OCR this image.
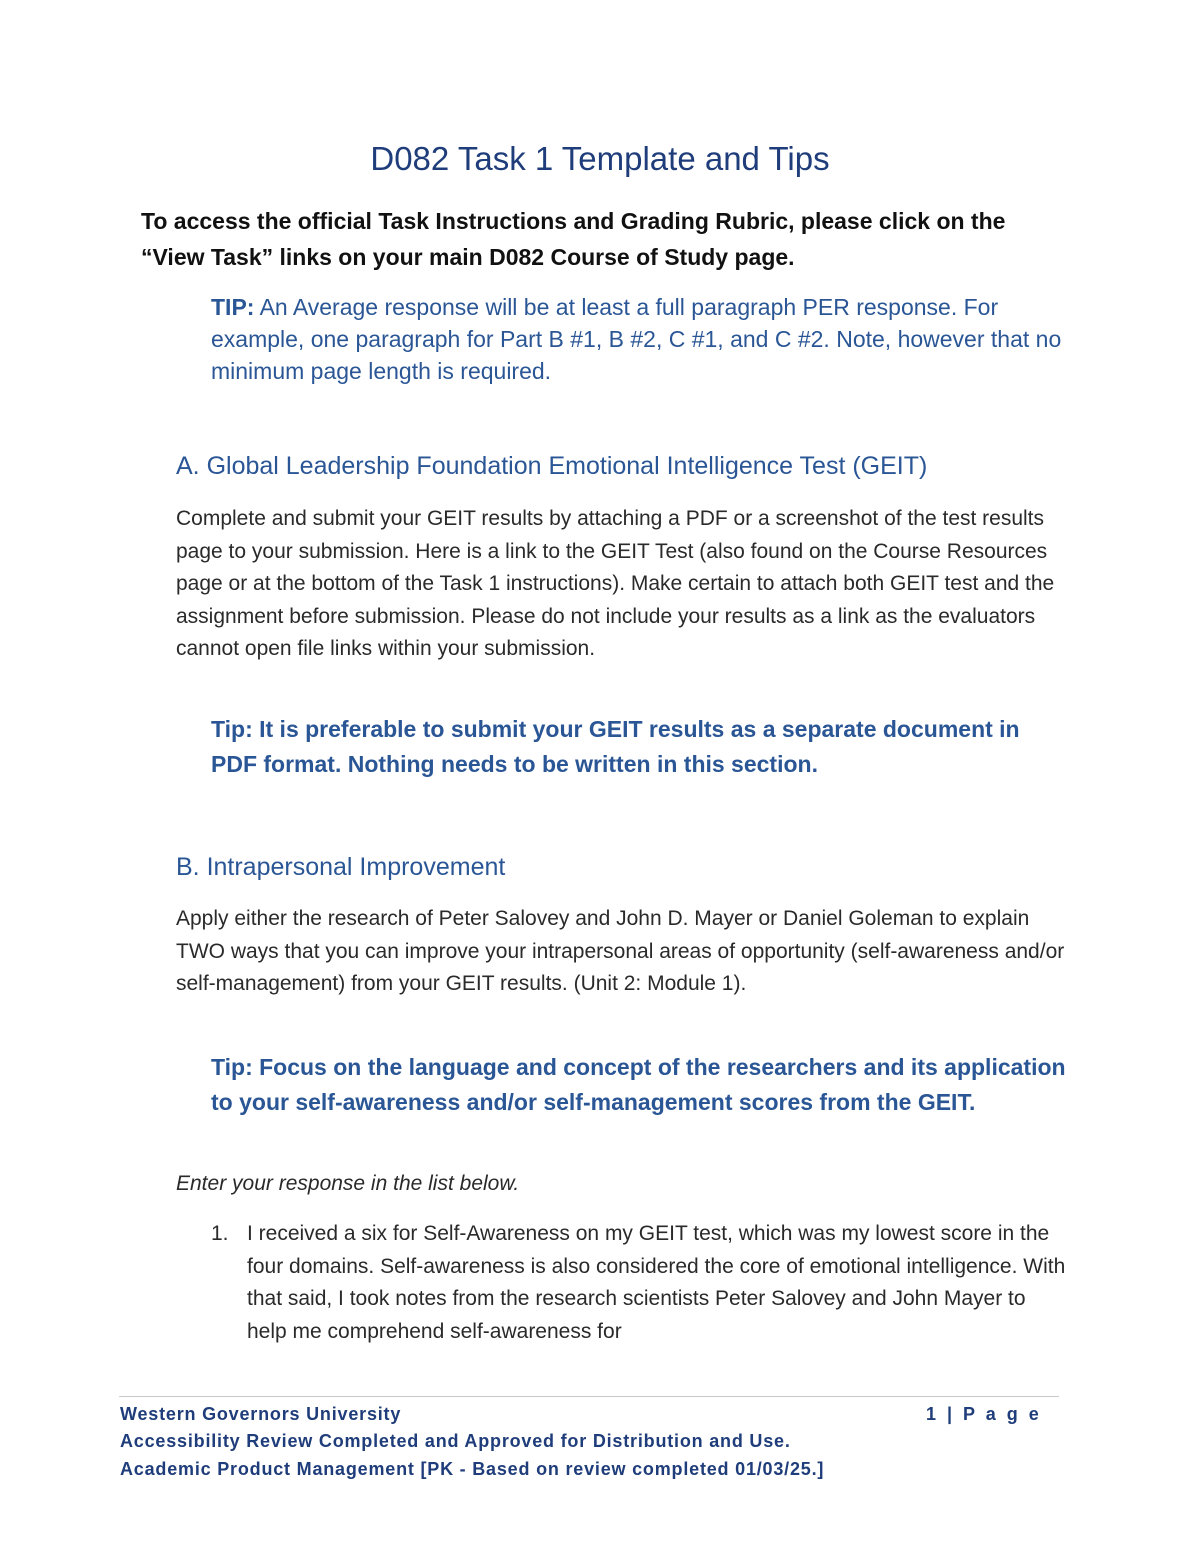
D082 Task 1 Template and Tips

To access the official Task Instructions and Grading Rubric, please click on the “View Task” links on your main D082 Course of Study page.

TIP: An Average response will be at least a full paragraph PER response. For example, one paragraph for Part B #1, B #2, C #1, and C #2. Note, however that no minimum page length is required.

A. Global Leadership Foundation Emotional Intelligence Test (GEIT)

Complete and submit your GEIT results by attaching a PDF or a screenshot of the test results page to your submission. Here is a link to the GEIT Test (also found on the Course Resources page or at the bottom of the Task 1 instructions). Make certain to attach both GEIT test and the assignment before submission. Please do not include your results as a link as the evaluators cannot open file links within your submission.

Tip: It is preferable to submit your GEIT results as a separate document in PDF format. Nothing needs to be written in this section.

B. Intrapersonal Improvement

Apply either the research of Peter Salovey and John D. Mayer or Daniel Goleman to explain TWO ways that you can improve your intrapersonal areas of opportunity (self-awareness and/or self-management) from your GEIT results. (Unit 2: Module 1).

Tip: Focus on the language and concept of the researchers and its application to your self-awareness and/or self-management scores from the GEIT.

Enter your response in the list below.

1. I received a six for Self-Awareness on my GEIT test, which was my lowest score in the four domains. Self-awareness is also considered the core of emotional intelligence. With that said, I took notes from the research scientists Peter Salovey and John Mayer to help me comprehend self-awareness for

Western Governors University	1 | P a g e

Accessibility Review Completed and Approved for Distribution and Use.

Academic Product Management [PK - Based on review completed 01/03/25.]
